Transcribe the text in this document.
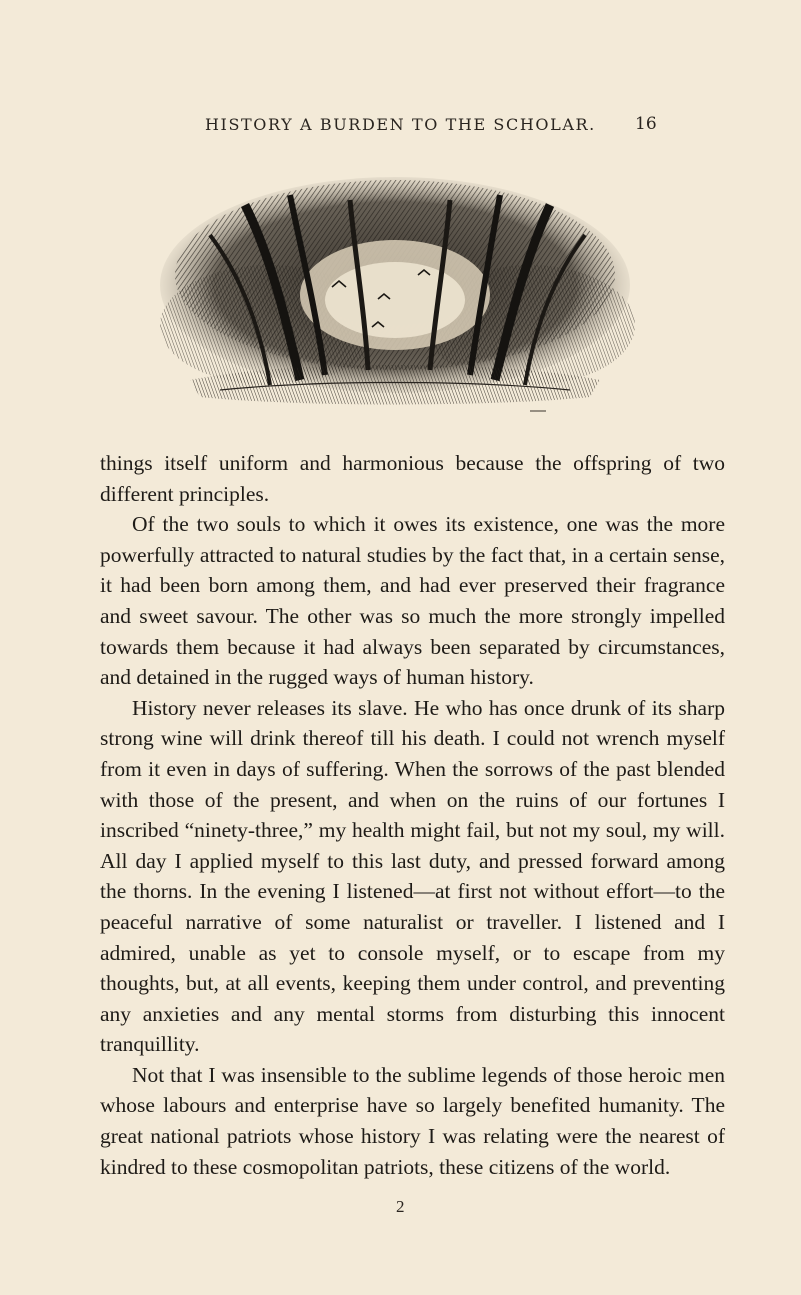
HISTORY A BURDEN TO THE SCHOLAR. 16

things itself uniform and harmonious because the offspring of two different principles.

Of the two souls to which it owes its existence, one was the more powerfully attracted to natural studies by the fact that, in a certain sense, it had been born among them, and had ever preserved their fragrance and sweet savour. The other was so much the more strongly impelled towards them because it had always been separated by circumstances, and detained in the rugged ways of human history.

History never releases its slave. He who has once drunk of its sharp strong wine will drink thereof till his death. I could not wrench myself from it even in days of suffering. When the sorrows of the past blended with those of the present, and when on the ruins of our fortunes I inscribed “ninety-three,” my health might fail, but not my soul, my will. All day I applied myself to this last duty, and pressed forward among the thorns. In the evening I listened—at first not without effort—to the peaceful narrative of some naturalist or traveller. I listened and I admired, unable as yet to console myself, or to escape from my thoughts, but, at all events, keeping them under control, and preventing any anxieties and any mental storms from disturbing this innocent tranquillity.

Not that I was insensible to the sublime legends of those heroic men whose labours and enterprise have so largely benefited humanity. The great national patriots whose history I was relating were the nearest of kindred to these cosmopolitan patriots, these citizens of the world.

2
